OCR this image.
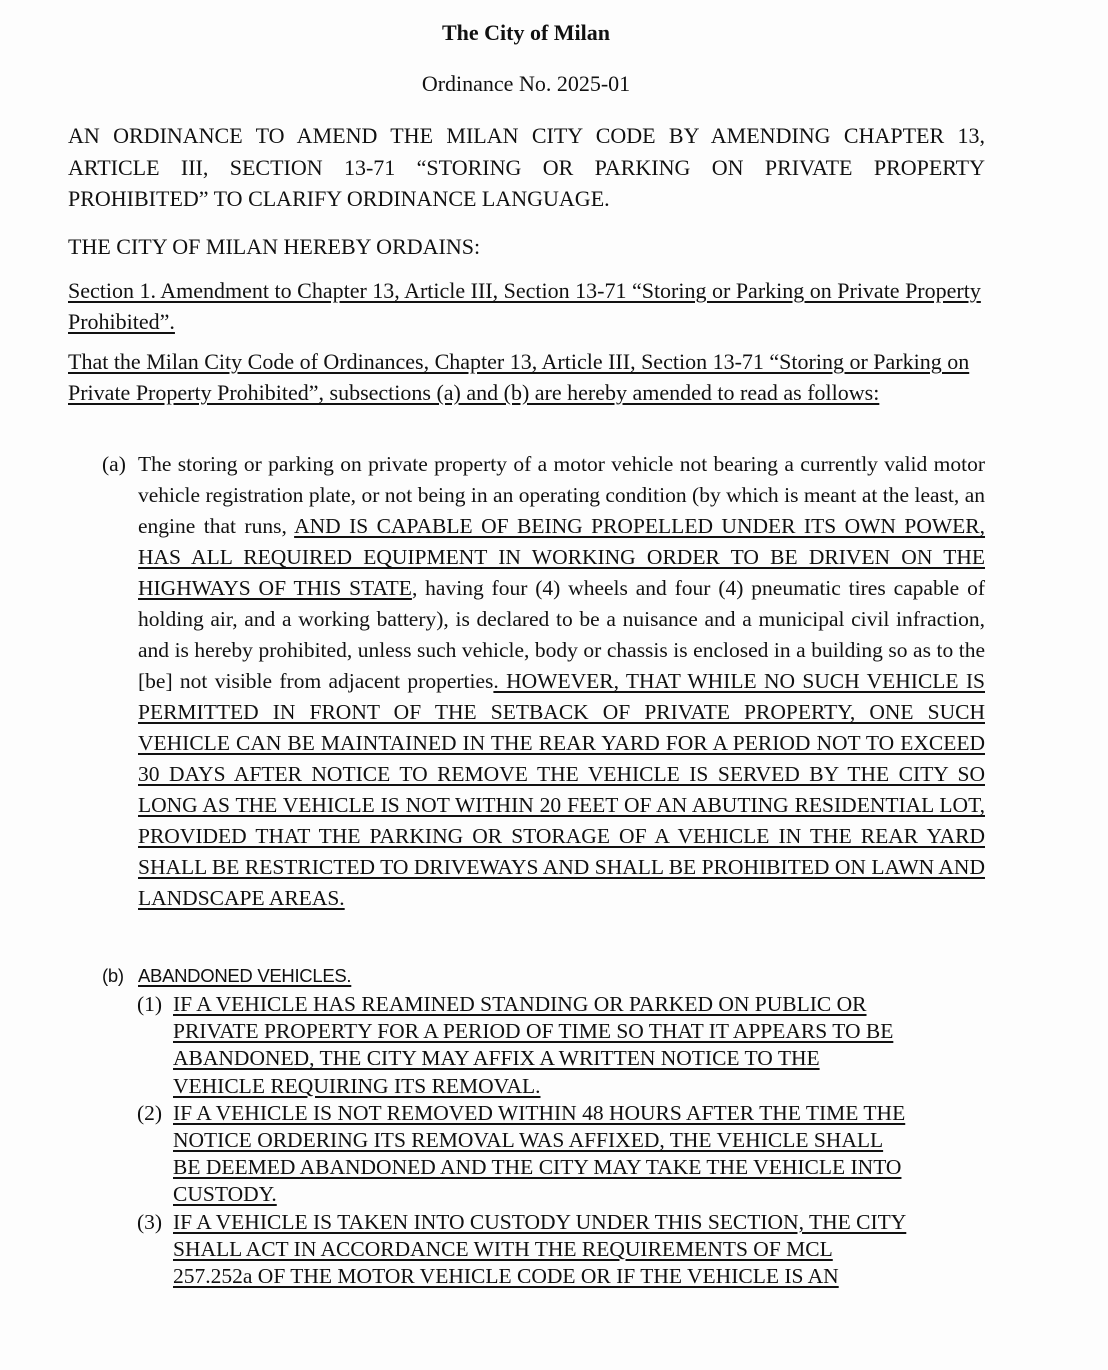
The City of Milan
Ordinance No. 2025-01
AN ORDINANCE TO AMEND THE MILAN CITY CODE BY AMENDING CHAPTER 13, ARTICLE III, SECTION 13-71 “STORING OR PARKING ON PRIVATE PROPERTY PROHIBITED” TO CLARIFY ORDINANCE LANGUAGE.
THE CITY OF MILAN HEREBY ORDAINS:
Section 1. Amendment to Chapter 13, Article III, Section 13-71 “Storing or Parking on Private Property Prohibited”.
That the Milan City Code of Ordinances, Chapter 13, Article III, Section 13-71 “Storing or Parking on Private Property Prohibited”, subsections (a) and (b) are hereby amended to read as follows:
(a) The storing or parking on private property of a motor vehicle not bearing a currently valid motor vehicle registration plate, or not being in an operating condition (by which is meant at the least, an engine that runs, AND IS CAPABLE OF BEING PROPELLED UNDER ITS OWN POWER, HAS ALL REQUIRED EQUIPMENT IN WORKING ORDER TO BE DRIVEN ON THE HIGHWAYS OF THIS STATE, having four (4) wheels and four (4) pneumatic tires capable of holding air, and a working battery), is declared to be a nuisance and a municipal civil infraction, and is hereby prohibited, unless such vehicle, body or chassis is enclosed in a building so as to the [be] not visible from adjacent properties. HOWEVER, THAT WHILE NO SUCH VEHICLE IS PERMITTED IN FRONT OF THE SETBACK OF PRIVATE PROPERTY, ONE SUCH VEHICLE CAN BE MAINTAINED IN THE REAR YARD FOR A PERIOD NOT TO EXCEED 30 DAYS AFTER NOTICE TO REMOVE THE VEHICLE IS SERVED BY THE CITY SO LONG AS THE VEHICLE IS NOT WITHIN 20 FEET OF AN ABUTING RESIDENTIAL LOT, PROVIDED THAT THE PARKING OR STORAGE OF A VEHICLE IN THE REAR YARD SHALL BE RESTRICTED TO DRIVEWAYS AND SHALL BE PROHIBITED ON LAWN AND LANDSCAPE AREAS.
(b) ABANDONED VEHICLES.
(1) IF A VEHICLE HAS REAMINED STANDING OR PARKED ON PUBLIC OR
PRIVATE PROPERTY FOR A PERIOD OF TIME SO THAT IT APPEARS TO BE
ABANDONED, THE CITY MAY AFFIX A WRITTEN NOTICE TO THE
VEHICLE REQUIRING ITS REMOVAL.
(2) IF A VEHICLE IS NOT REMOVED WITHIN 48 HOURS AFTER THE TIME THE
NOTICE ORDERING ITS REMOVAL WAS AFFIXED, THE VEHICLE SHALL
BE DEEMED ABANDONED AND THE CITY MAY TAKE THE VEHICLE INTO
CUSTODY.
(3) IF A VEHICLE IS TAKEN INTO CUSTODY UNDER THIS SECTION, THE CITY
SHALL ACT IN ACCORDANCE WITH THE REQUIREMENTS OF MCL
257.252a OF THE MOTOR VEHICLE CODE OR IF THE VEHICLE IS AN
